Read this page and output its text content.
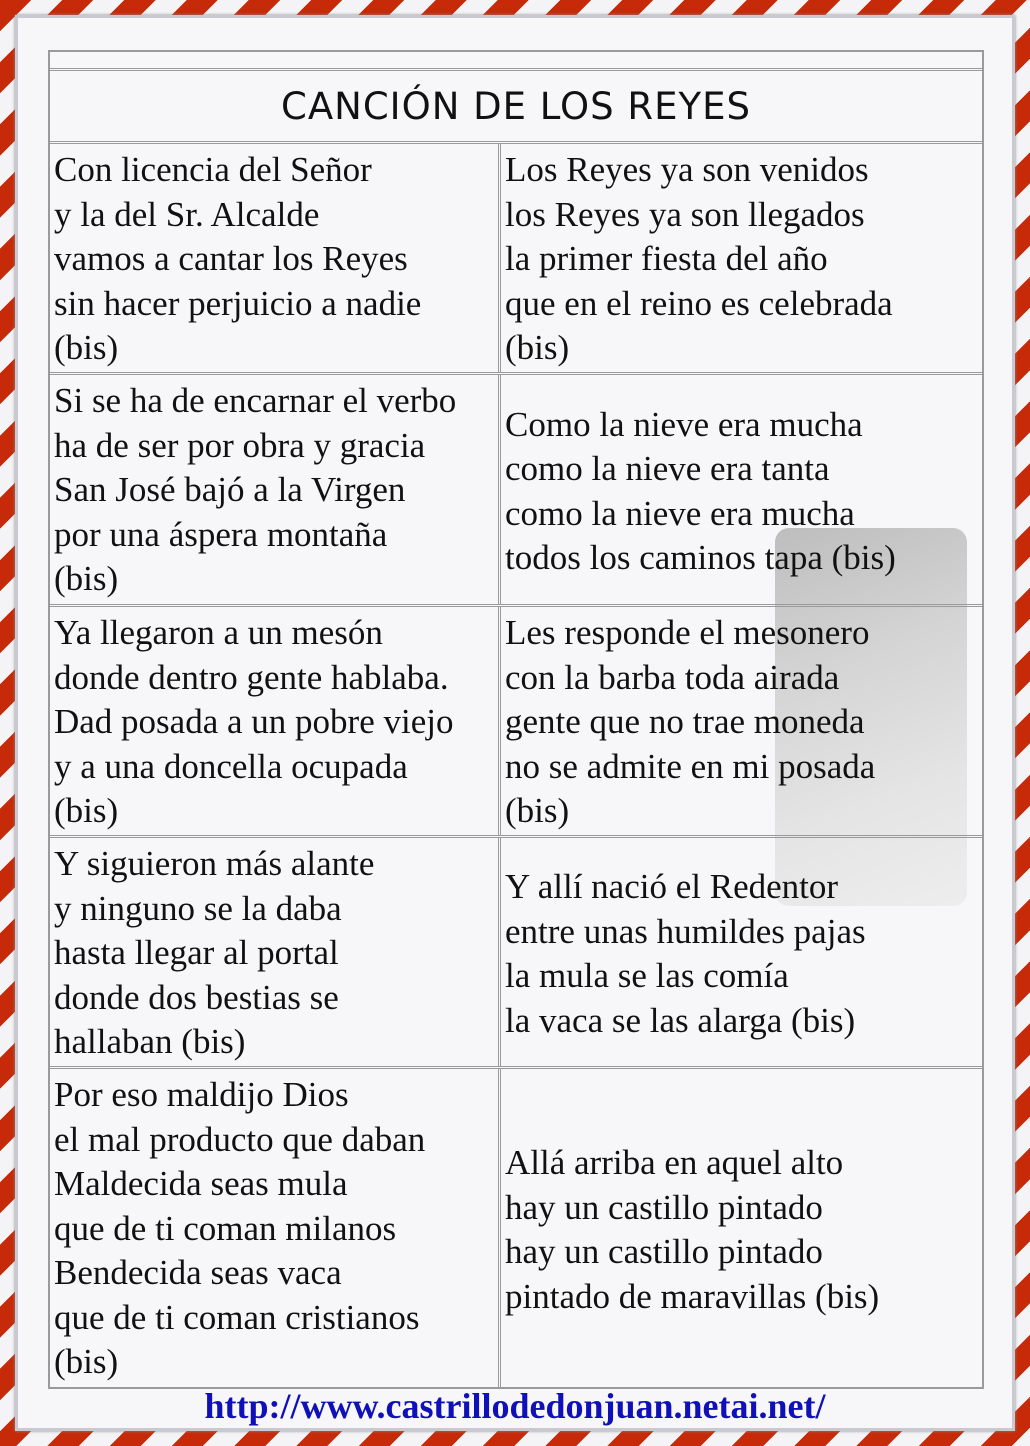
CANCIÓN DE LOS REYES
Con licencia del Señor
y la del Sr. Alcalde
vamos a cantar los Reyes
sin hacer perjuicio a nadie
(bis)
Los Reyes ya son venidos
los Reyes ya son llegados
la primer fiesta del año
que en el reino es celebrada
(bis)
Si se ha de encarnar el verbo
ha de ser por obra y gracia
San José bajó a la Virgen
por una áspera montaña
(bis)
Como la nieve era mucha
como la nieve era tanta
como la nieve era mucha
todos los caminos tapa (bis)
Ya llegaron a un mesón
donde dentro gente hablaba.
Dad posada a un pobre viejo
y a una doncella ocupada
(bis)
Les responde el mesonero
con la barba toda airada
gente que no trae moneda
no se admite en mi posada
(bis)
Y siguieron más alante
y ninguno se la daba
hasta llegar al portal
donde dos bestias se
hallaban (bis)
Y allí nació el Redentor
entre unas humildes pajas
la mula se las comía
la vaca se las alarga (bis)
Por eso maldijo Dios
el mal producto que daban
Maldecida seas mula
que de ti coman milanos
Bendecida seas vaca
que de ti coman cristianos
(bis)
Allá arriba en aquel alto
hay un castillo pintado
hay un castillo pintado
pintado de maravillas (bis)
http://www.castrillodedonjuan.netai.net/
